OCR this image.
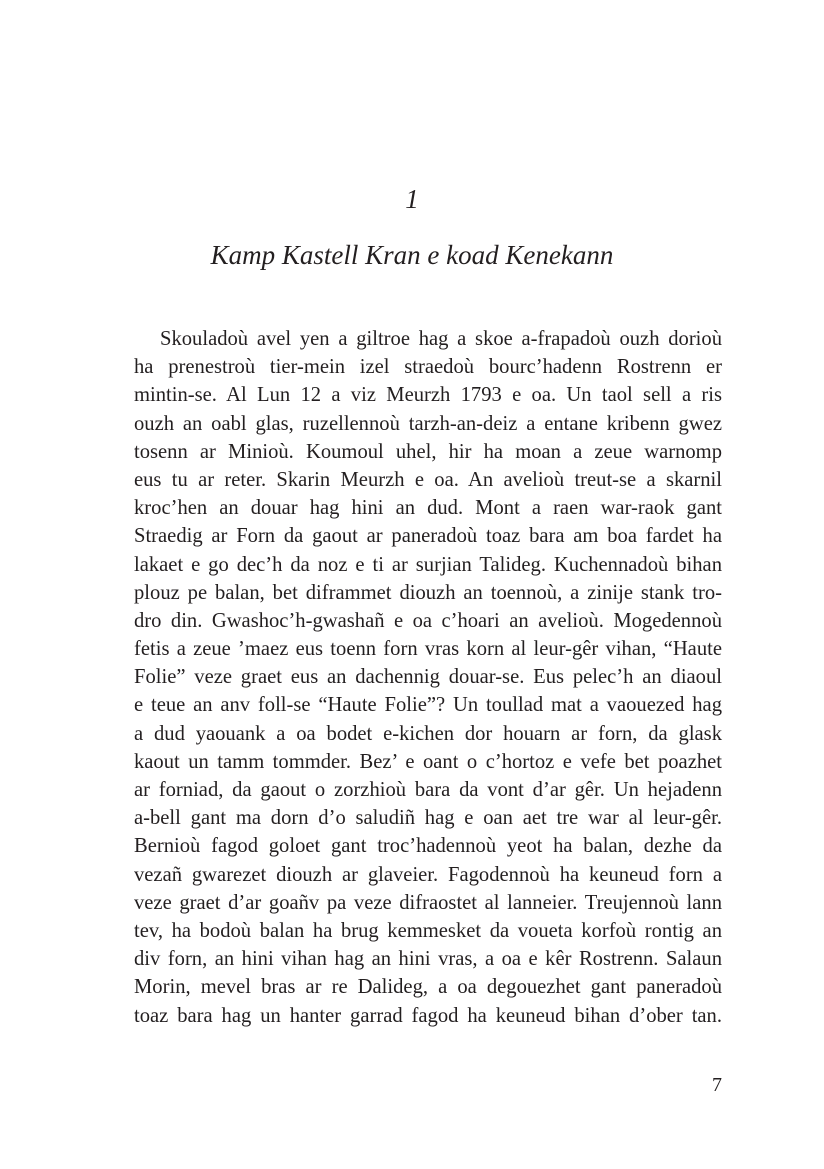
1
Kamp Kastell Kran e koad Kenekann
Skouladoù avel yen a giltroe hag a skoe a-frapadoù ouzh dorioù
ha prenestroù tier-mein izel straedoù bourc’hadenn Rostrenn er
mintin-se. Al Lun 12 a viz Meurzh 1793 e oa. Un taol sell a ris
ouzh an oabl glas, ruzellennoù tarzh-an-deiz a entane kribenn gwez
tosenn ar Minioù. Koumoul uhel, hir ha moan a zeue warnomp
eus tu ar reter. Skarin Meurzh e oa. An avelioù treut-se a skarnil
kroc’hen an douar hag hini an dud. Mont a raen war-raok gant
Straedig ar Forn da gaout ar paneradoù toaz bara am boa fardet ha
lakaet e go dec’h da noz e ti ar surjian Talideg. Kuchennadoù bihan
plouz pe balan, bet diframmet diouzh an toennoù, a zinije stank tro-
dro din. Gwashoc’h-gwashañ e oa c’hoari an avelioù. Mogedennoù
fetis a zeue ’maez eus toenn forn vras korn al leur-gêr vihan, “Haute
Folie” veze graet eus an dachennig douar-se. Eus pelec’h an diaoul
e teue an anv foll-se “Haute Folie”? Un toullad mat a vaouezed hag
a dud yaouank a oa bodet e-kichen dor houarn ar forn, da glask
kaout un tamm tommder. Bez’ e oant o c’hortoz e vefe bet poazhet
ar forniad, da gaout o zorzhioù bara da vont d’ar gêr. Un hejadenn
a-bell gant ma dorn d’o saludiñ hag e oan aet tre war al leur-gêr.
Bernioù fagod goloet gant troc’hadennoù yeot ha balan, dezhe da
vezañ gwarezet diouzh ar glaveier. Fagodennoù ha keuneud forn a
veze graet d’ar goañv pa veze difraostet al lanneier. Treujennoù lann
tev, ha bodoù balan ha brug kemmesket da voueta korfoù rontig an
div forn, an hini vihan hag an hini vras, a oa e kêr Rostrenn. Salaun
Morin, mevel bras ar re Dalideg, a oa degouezhet gant paneradoù
toaz bara hag un hanter garrad fagod ha keuneud bihan d’ober tan.
7
